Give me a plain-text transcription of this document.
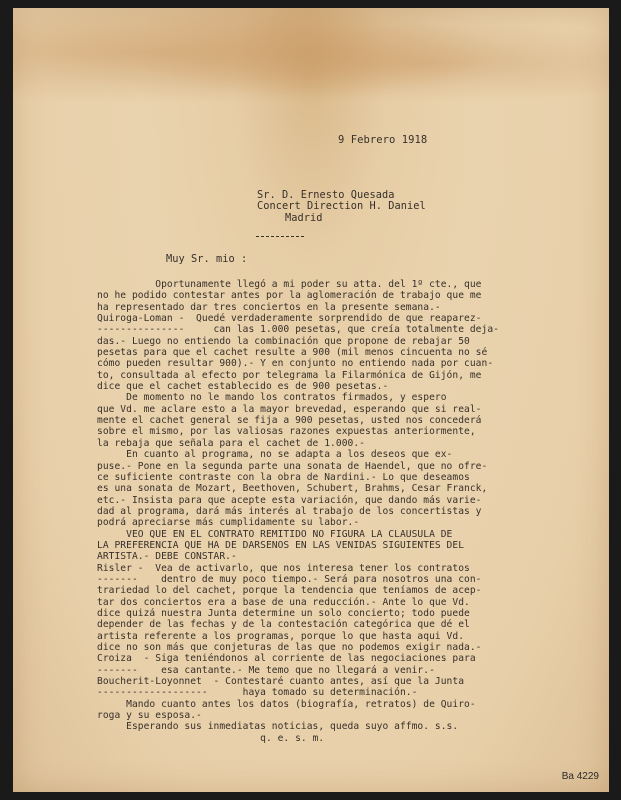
9 Febrero 1918
Sr. D. Ernesto Quesada
Concert Direction H. Daniel
Madrid
Muy Sr. mio :
Oportunamente llegó a mi poder su atta. del 1º cte., que
no he podido contestar antes por la aglomeración de trabajo que me
ha representado dar tres conciertos en la presente semana.-
Quiroga-Loman -  Quedé verdaderamente sorprendido de que reaparez-
---------------     can las 1.000 pesetas, que creía totalmente deja-
das.- Luego no entiendo la combinación que propone de rebajar 50
pesetas para que el cachet resulte a 900 (mil menos cincuenta no sé
cómo pueden resultar 900).- Y en conjunto no entiendo nada por cuan-
to, consultada al efecto por telegrama la Filarmónica de Gijón, me
dice que el cachet establecido es de 900 pesetas.-
De momento no le mando los contratos firmados, y espero
que Vd. me aclare esto a la mayor brevedad, esperando que si real-
mente el cachet general se fija a 900 pesetas, usted nos concederá
sobre el mismo, por las valiosas razones expuestas anteriormente,
la rebaja que señala para el cachet de 1.000.-
En cuanto al programa, no se adapta a los deseos que ex-
puse.- Pone en la segunda parte una sonata de Haendel, que no ofre-
ce suficiente contraste con la obra de Nardini.- Lo que deseamos
es una sonata de Mozart, Beethoven, Schubert, Brahms, Cesar Franck,
etc.- Insista para que acepte esta variación, que dando más varie-
dad al programa, dará más interés al trabajo de los concertistas y
podrá apreciarse más cumplidamente su labor.-
VEO QUE EN EL CONTRATO REMITIDO NO FIGURA LA CLAUSULA DE
LA PREFERENCIA QUE HA DE DARSENOS EN LAS VENIDAS SIGUIENTES DEL
ARTISTA.- DEBE CONSTAR.-
Risler -  Vea de activarlo, que nos interesa tener los contratos
-------    dentro de muy poco tiempo.- Será para nosotros una con-
trariedad lo del cachet, porque la tendencia que teníamos de acep-
tar dos conciertos era a base de una reducción.- Ante lo que Vd.
dice quizá nuestra Junta determine un solo concierto; todo puede
depender de las fechas y de la contestación categórica que dé el
artista referente a los programas, porque lo que hasta aqui Vd.
dice no son más que conjeturas de las que no podemos exigir nada.-
Croiza  - Siga teniéndonos al corriente de las negociaciones para
-------    esa cantante.- Me temo que no llegará a venir.-
Boucherit-Loyonnet  - Contestaré cuanto antes, así que la Junta
-------------------      haya tomado su determinación.-
Mando cuanto antes los datos (biografía, retratos) de Quiro-
roga y su esposa.-
Esperando sus inmediatas noticias, queda suyo affmo. s.s.
q. e. s. m.
Ba 4229
